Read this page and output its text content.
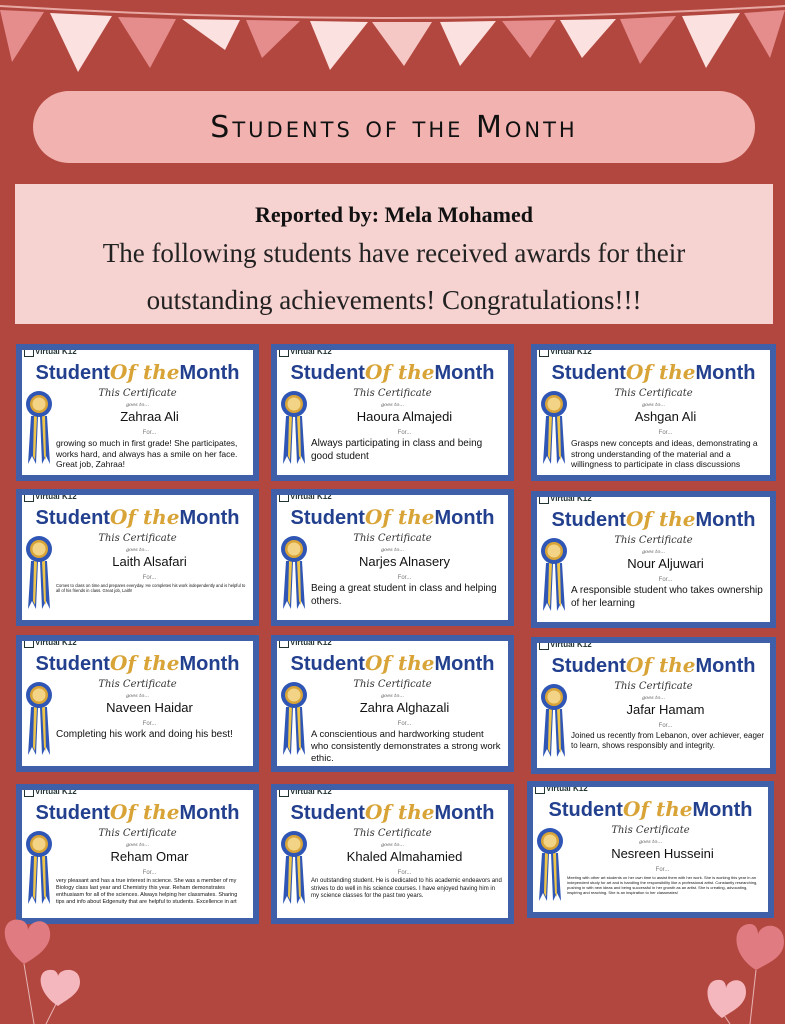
Students of the Month
Reported by: Mela Mohamed
The following students have received awards for their
outstanding achievements! Congratulations!!!
Virtual K12
StudentOf theMonth
This Certificate
goes to...
Zahraa Ali
For...
growing so much in first grade! She participates, works hard, and always has a smile on her face. Great job, Zahraa!
Virtual K12
StudentOf theMonth
This Certificate
goes to...
Haoura Almajedi
For...
Always participating in class and being good student
Virtual K12
StudentOf theMonth
This Certificate
goes to...
Ashgan Ali
For...
Grasps new concepts and ideas, demonstrating a strong understanding of the material and a willingness to participate in class discussions
Virtual K12
StudentOf theMonth
This Certificate
goes to...
Laith Alsafari
For...
Comes to class on time and prepares everyday. He completes his work independently and is helpful to all of his friends in class. Great job, Laith!
Virtual K12
StudentOf theMonth
This Certificate
goes to...
Narjes Alnasery
For...
Being a great student in class and helping others.
Virtual K12
StudentOf theMonth
This Certificate
goes to...
Nour Aljuwari
For...
A responsible student who takes ownership of her learning
Virtual K12
StudentOf theMonth
This Certificate
goes to...
Naveen Haidar
For...
Completing his work and doing his best!
Virtual K12
StudentOf theMonth
This Certificate
goes to...
Zahra Alghazali
For...
A conscientious and hardworking student who consistently demonstrates a strong work ethic.
Virtual K12
StudentOf theMonth
This Certificate
goes to...
Jafar Hamam
For...
Joined us recently from Lebanon, over achiever, eager to learn, shows responsibly and integrity.
Virtual K12
StudentOf theMonth
This Certificate
goes to...
Reham Omar
For...
very pleasant and has a true interest in science. She was a member of my Biology class last year and Chemistry this year. Reham demonstrates enthusiasm for all of the sciences. Always helping her classmates. Sharing tips and info about Edgenuity that are helpful to students. Excellence in art
Virtual K12
StudentOf theMonth
This Certificate
goes to...
Khaled Almahamied
For...
An outstanding student. He is dedicated to his academic endeavors and strives to do well in his science courses. I have enjoyed having him in my science classes for the past two years.
Virtual K12
StudentOf theMonth
This Certificate
goes to...
Nesreen Husseini
For...
Meeting with other art students on her own time to assist them with her work. She is working this year in an independent study for art and is handling the responsibility like a professional artist. Constantly researching, pushing in with new ideas and being successful in her growth as an artist. She is creating, advocating, inspiring and reaching. She is an inspiration to her classmates!
